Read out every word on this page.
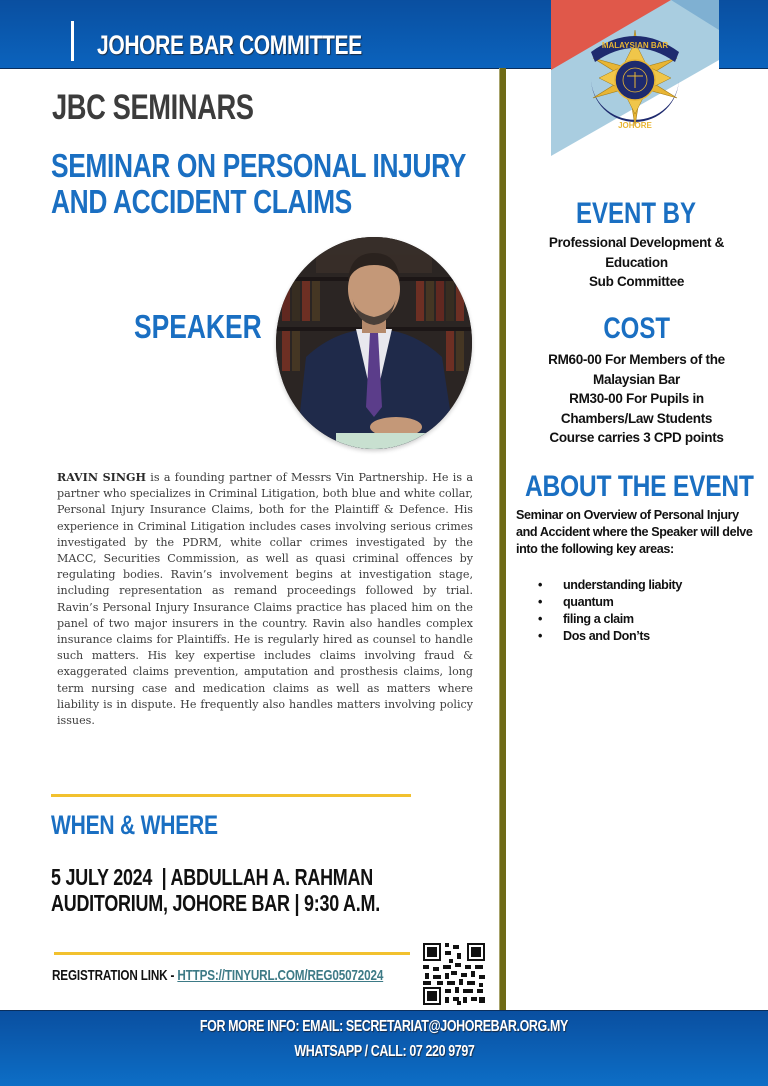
JOHORE BAR COMMITTEE	MALAYSIAN BAR
JOHORE
JBC SEMINARS
SEMINAR ON PERSONAL INJURY
AND ACCIDENT CLAIMS
SPEAKER
RAVIN SINGH is a founding partner of Messrs Vin Partnership. He is a partner who specializes in Criminal Litigation, both blue and white collar, Personal Injury Insurance Claims, both for the Plaintiff & Defence. His experience in Criminal Litigation includes cases involving serious crimes investigated by the PDRM, white collar crimes investigated by the MACC, Securities Commission, as well as quasi criminal offences by regulating bodies. Ravin’s involvement begins at investigation stage, including representation as remand proceedings followed by trial. Ravin’s Personal Injury Insurance Claims practice has placed him on the panel of two major insurers in the country. Ravin also handles complex insurance claims for Plaintiffs. He is regularly hired as counsel to handle such matters. His key expertise includes claims involving fraud & exaggerated claims prevention, amputation and prosthesis claims, long term nursing case and medication claims as well as matters where liability is in dispute. He frequently also handles matters involving policy issues.
WHEN & WHERE
5 JULY 2024  | ABDULLAH A. RAHMAN
AUDITORIUM, JOHORE BAR | 9:30 A.M.
REGISTRATION LINK - HTTPS://TINYURL.COM/REG05072024
EVENT BY
Professional Development &
Education
Sub Committee
COST
RM60-00 For Members of the
Malaysian Bar
RM30-00 For Pupils in
Chambers/Law Students
Course carries 3 CPD points
ABOUT THE EVENT
Seminar on Overview of Personal Injury and Accident where the Speaker will delve into the following key areas:
• understanding liabity
• quantum
• filing a claim
• Dos and Don’ts
FOR MORE INFO: EMAIL: SECRETARIAT@JOHOREBAR.ORG.MY
WHATSAPP / CALL: 07 220 9797
